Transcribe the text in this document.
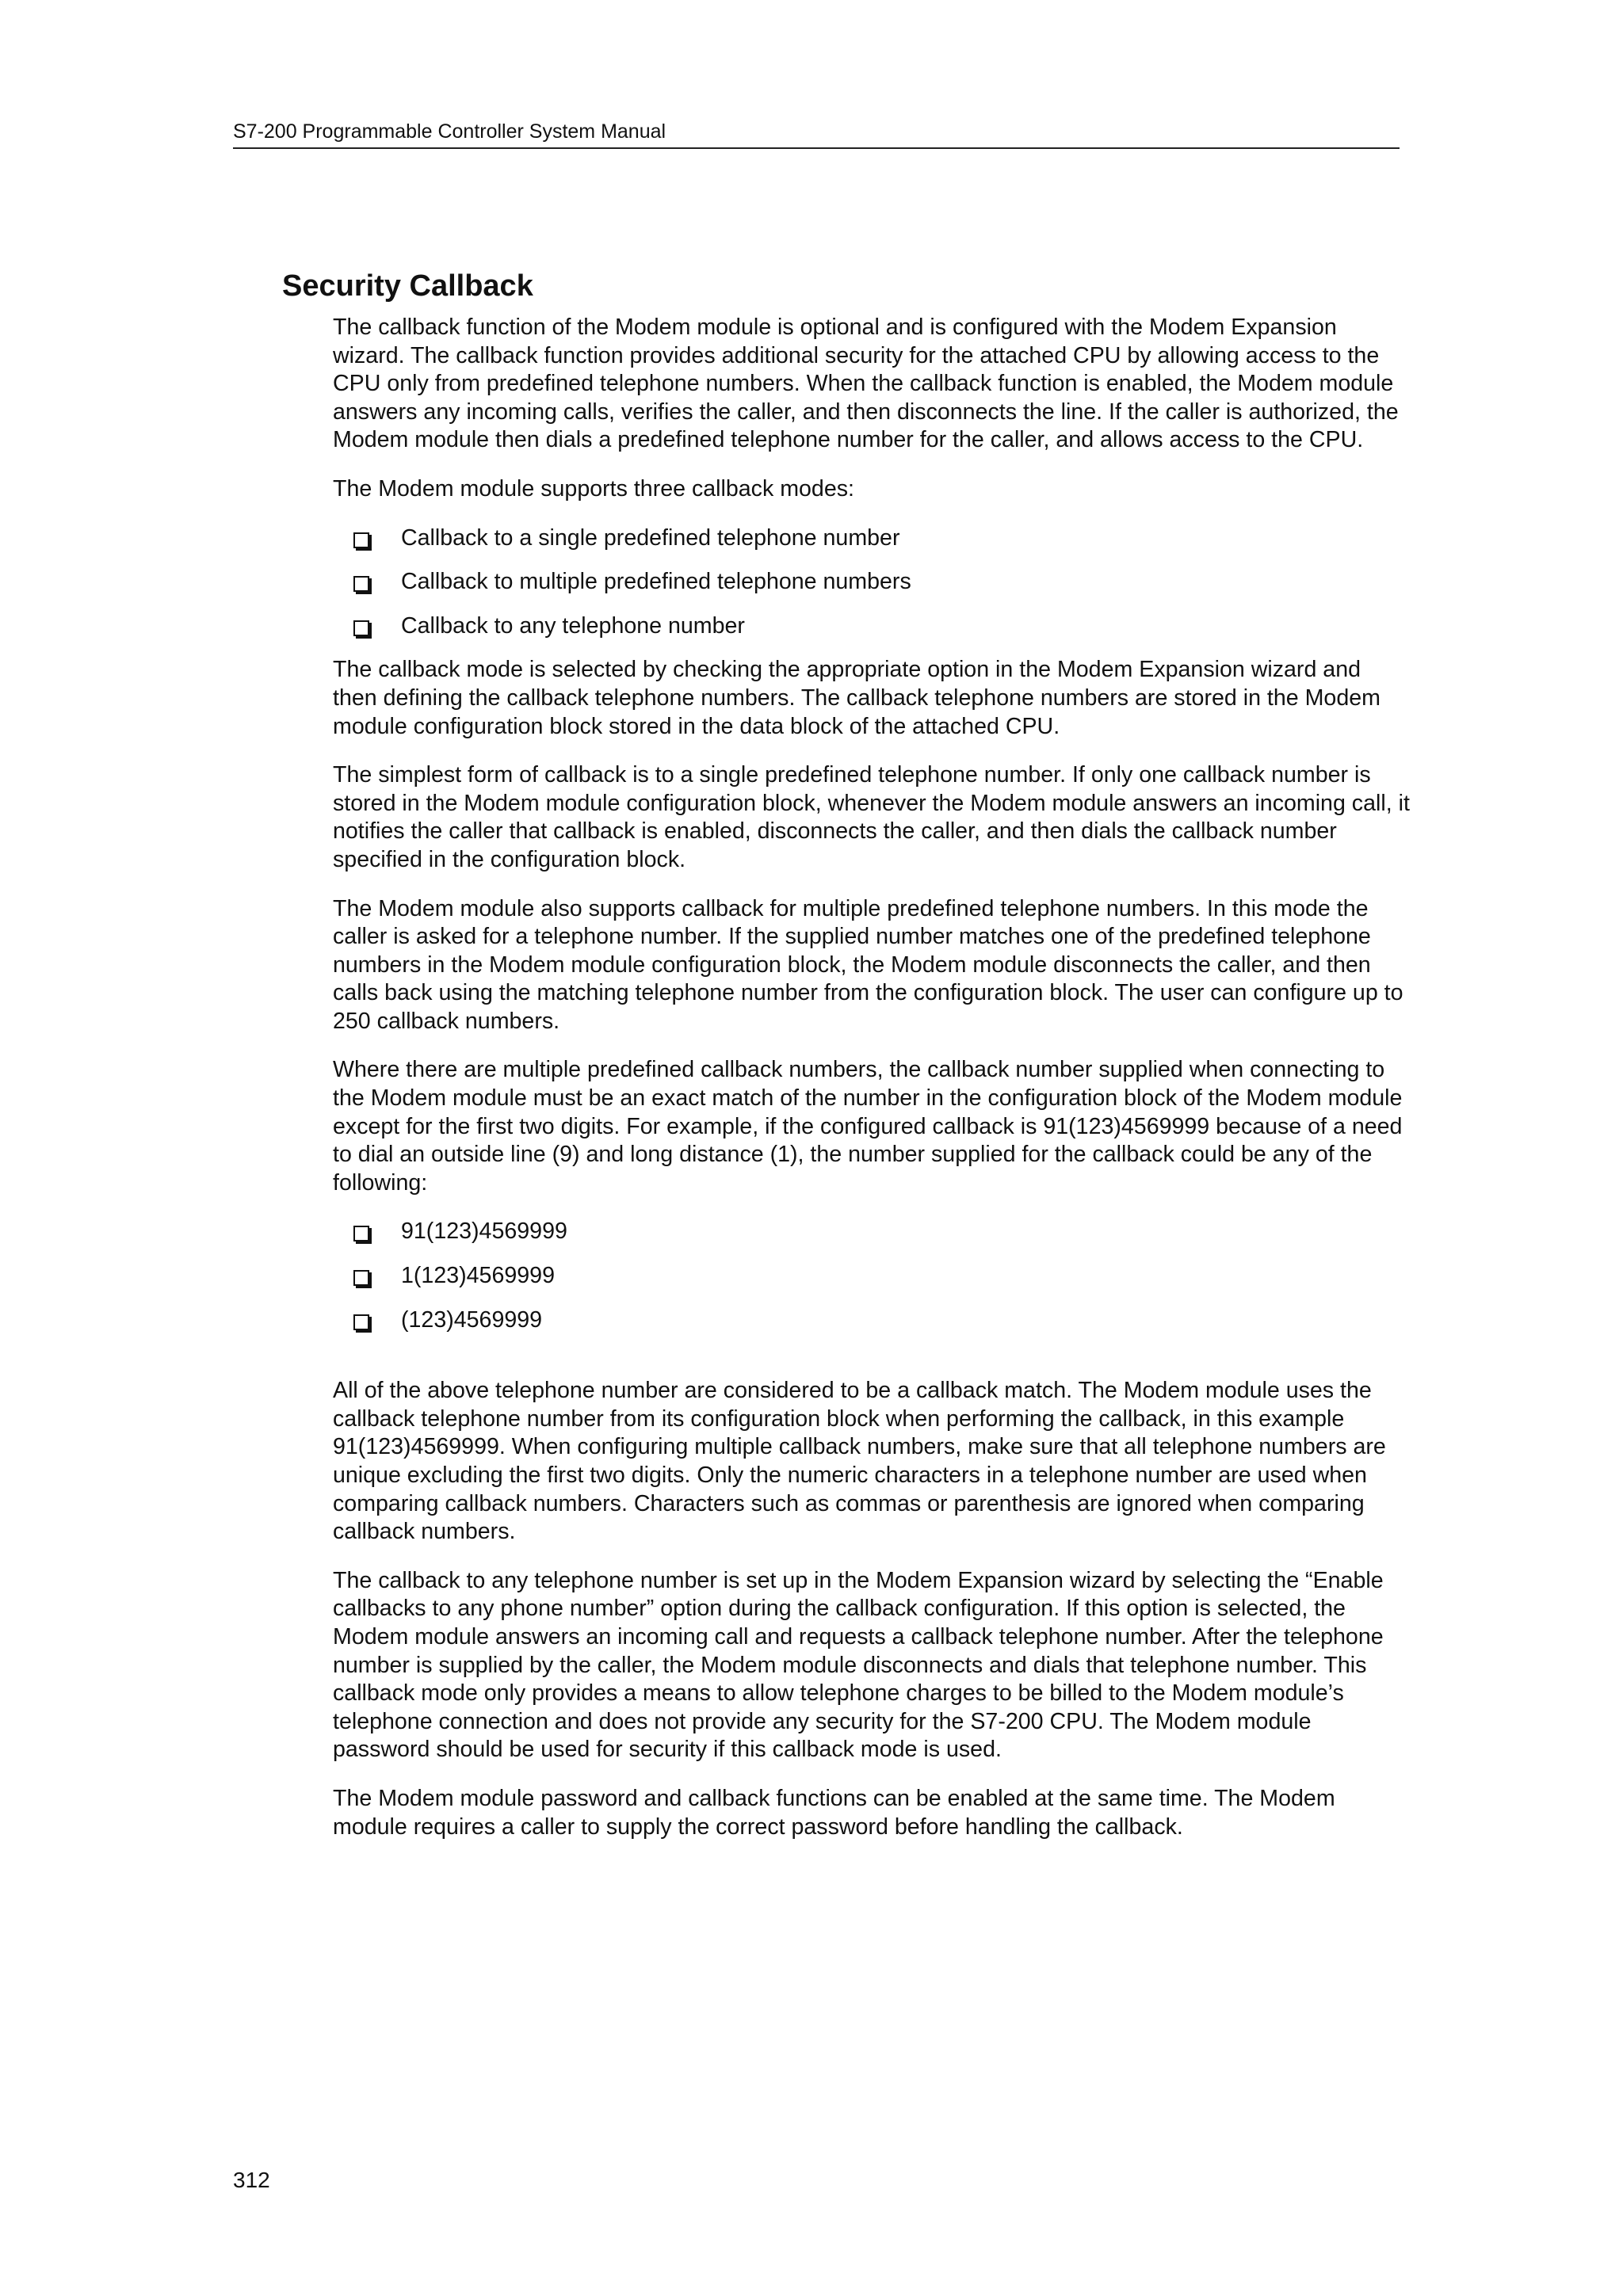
S7-200 Programmable Controller System Manual
Security Callback

The callback function of the Modem module is optional and is configured with the Modem Expansion wizard. The callback function provides additional security for the attached CPU by allowing access to the CPU only from predefined telephone numbers. When the callback function is enabled, the Modem module answers any incoming calls, verifies the caller, and then disconnects the line. If the caller is authorized, the Modem module then dials a predefined telephone number for the caller, and allows access to the CPU.

The Modem module supports three callback modes:

Callback to a single predefined telephone number
Callback to multiple predefined telephone numbers
Callback to any telephone number

The callback mode is selected by checking the appropriate option in the Modem Expansion wizard and then defining the callback telephone numbers. The callback telephone numbers are stored in the Modem module configuration block stored in the data block of the attached CPU.

The simplest form of callback is to a single predefined telephone number. If only one callback number is stored in the Modem module configuration block, whenever the Modem module answers an incoming call, it notifies the caller that callback is enabled, disconnects the caller, and then dials the callback number specified in the configuration block.

The Modem module also supports callback for multiple predefined telephone numbers. In this mode the caller is asked for a telephone number. If the supplied number matches one of the predefined telephone numbers in the Modem module configuration block, the Modem module disconnects the caller, and then calls back using the matching telephone number from the configuration block. The user can configure up to 250 callback numbers.

Where there are multiple predefined callback numbers, the callback number supplied when connecting to the Modem module must be an exact match of the number in the configuration block of the Modem module except for the first two digits. For example, if the configured callback is 91(123)4569999 because of a need to dial an outside line (9) and long distance (1), the number supplied for the callback could be any of the following:

91(123)4569999
1(123)4569999
(123)4569999

All of the above telephone number are considered to be a callback match. The Modem module uses the callback telephone number from its configuration block when performing the callback, in this example 91(123)4569999. When configuring multiple callback numbers, make sure that all telephone numbers are unique excluding the first two digits. Only the numeric characters in a telephone number are used when comparing callback numbers. Characters such as commas or parenthesis are ignored when comparing callback numbers.

The callback to any telephone number is set up in the Modem Expansion wizard by selecting the “Enable callbacks to any phone number” option during the callback configuration. If this option is selected, the Modem module answers an incoming call and requests a callback telephone number. After the telephone number is supplied by the caller, the Modem module disconnects and dials that telephone number. This callback mode only provides a means to allow telephone charges to be billed to the Modem module’s telephone connection and does not provide any security for the S7-200 CPU. The Modem module password should be used for security if this callback mode is used.

The Modem module password and callback functions can be enabled at the same time. The Modem module requires a caller to supply the correct password before handling the callback.

312
